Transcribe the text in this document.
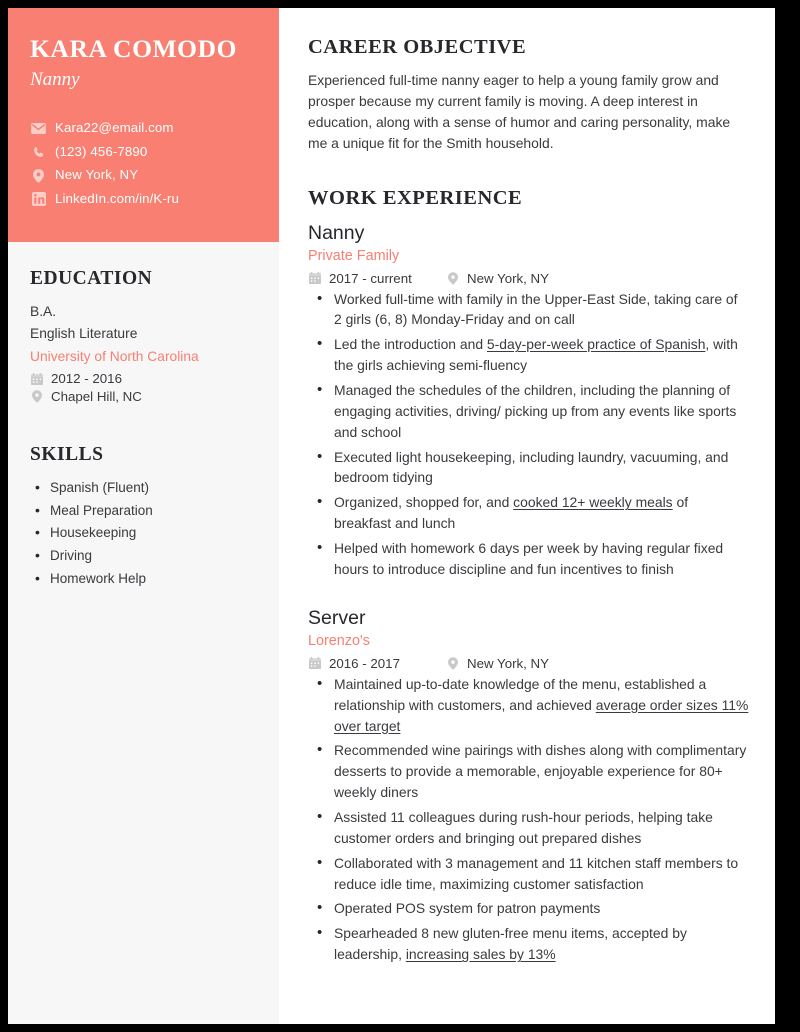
KARA COMODO
Nanny
Kara22@email.com
(123) 456-7890
New York, NY
LinkedIn.com/in/K-ru
EDUCATION
B.A.
English Literature
University of North Carolina
2012 - 2016
Chapel Hill, NC
SKILLS
• Spanish (Fluent)
• Meal Preparation
• Housekeeping
• Driving
• Homework Help
CAREER OBJECTIVE

Experienced full-time nanny eager to help a young family grow and prosper because my current family is moving. A deep interest in education, along with a sense of humor and caring personality, make me a unique fit for the Smith household.

WORK EXPERIENCE
Nanny
Private Family
2017 - current	New York, NY
• Worked full-time with family in the Upper-East Side, taking care of 2 girls (6, 8) Monday-Friday and on call
• Led the introduction and 5-day-per-week practice of Spanish, with the girls achieving semi-fluency
• Managed the schedules of the children, including the planning of engaging activities, driving/ picking up from any events like sports and school
• Executed light housekeeping, including laundry, vacuuming, and bedroom tidying
• Organized, shopped for, and cooked 12+ weekly meals of breakfast and lunch
• Helped with homework 6 days per week by having regular fixed hours to introduce discipline and fun incentives to finish
Server
Lorenzo's
2016 - 2017	New York, NY
• Maintained up-to-date knowledge of the menu, established a relationship with customers, and achieved average order sizes 11% over target
• Recommended wine pairings with dishes along with complimentary desserts to provide a memorable, enjoyable experience for 80+ weekly diners
• Assisted 11 colleagues during rush-hour periods, helping take customer orders and bringing out prepared dishes
• Collaborated with 3 management and 11 kitchen staff members to reduce idle time, maximizing customer satisfaction
• Operated POS system for patron payments
• Spearheaded 8 new gluten-free menu items, accepted by leadership, increasing sales by 13%
